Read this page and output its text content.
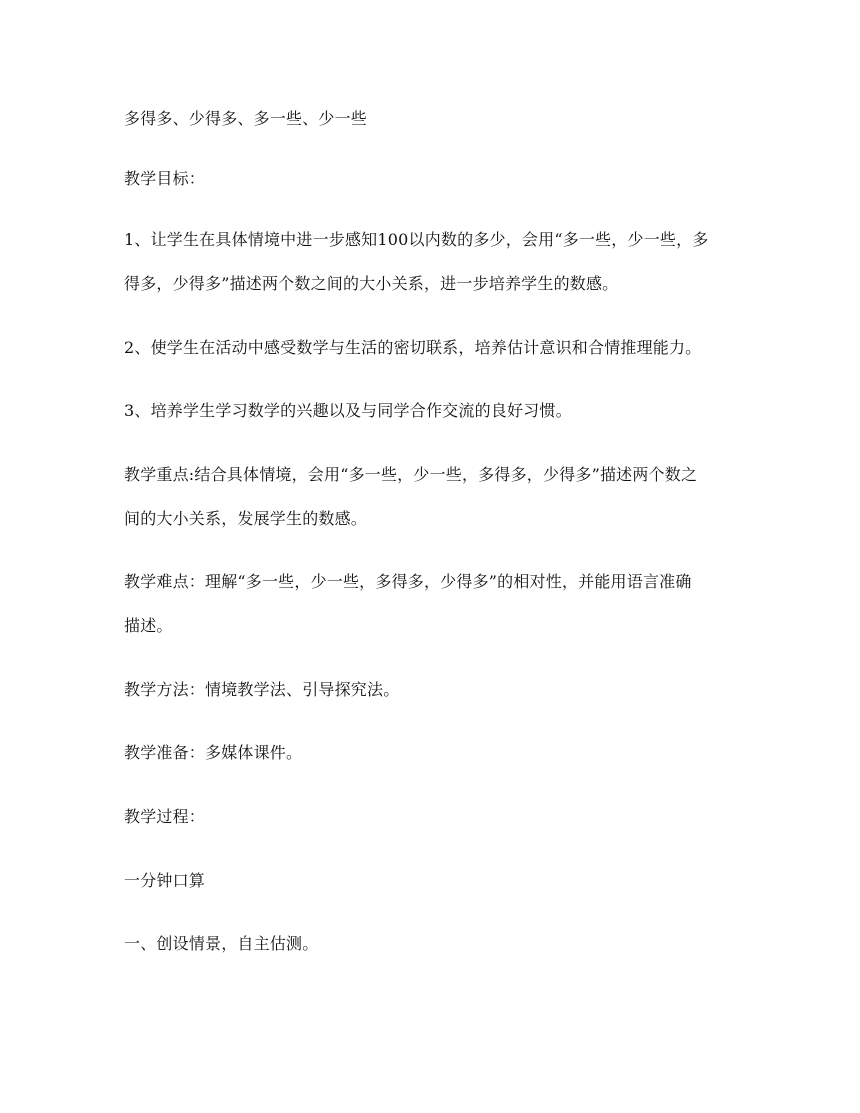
多得多、少得多、多一些、少一些
教学目标：
1、让学生在具体情境中进一步感知100以内数的多少，会用“多一些，少一些，多
得多，少得多”描述两个数之间的大小关系，进一步培养学生的数感。
2、使学生在活动中感受数学与生活的密切联系，培养估计意识和合情推理能力。
3、培养学生学习数学的兴趣以及与同学合作交流的良好习惯。
教学重点:结合具体情境，会用“多一些，少一些，多得多，少得多”描述两个数之
间的大小关系，发展学生的数感。
教学难点：理解“多一些，少一些，多得多，少得多”的相对性，并能用语言准确
描述。
教学方法：情境教学法、引导探究法。
教学准备：多媒体课件。
教学过程：
一分钟口算
一、创设情景，自主估测。
